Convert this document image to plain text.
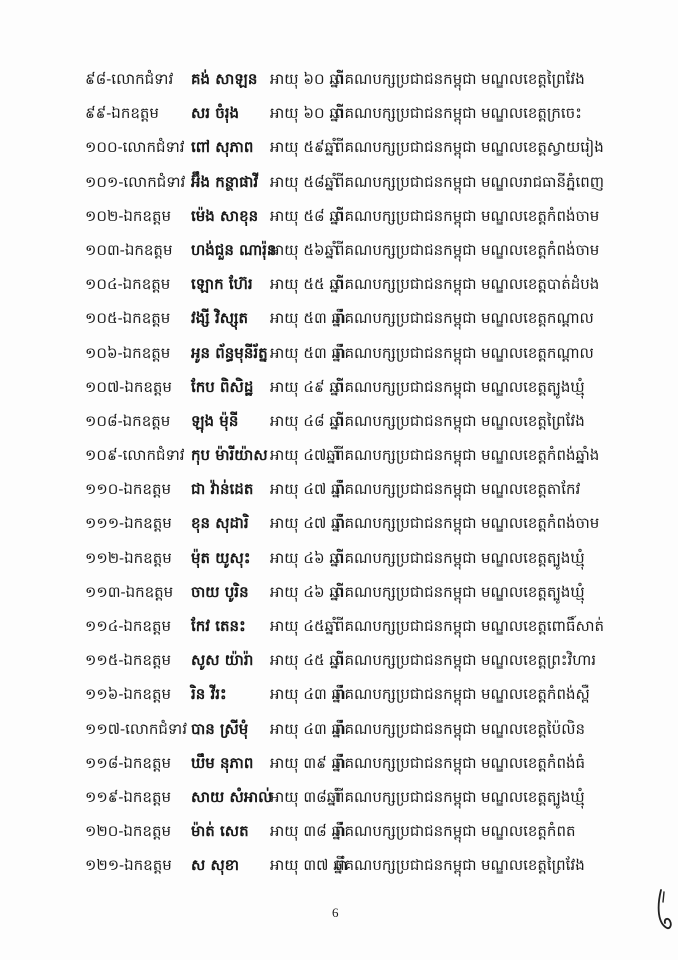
៩៨-លោកជំទាវ គង់ សាឡន អាយុ ៦០ ឆ្នាំ
ពីគណបក្សប្រជាជនកម្ពុជា មណ្ឌលខេត្តព្រៃវែង
៩៩-ឯកឧត្តម សរ ចំរុង អាយុ ៦០ ឆ្នាំ
ពីគណបក្សប្រជាជនកម្ពុជា មណ្ឌលខេត្តក្រចេះ
១០០-លោកជំទាវ ពៅ សុភាព អាយុ ៥៩ឆ្នាំ
ពីគណបក្សប្រជាជនកម្ពុជា មណ្ឌលខេត្តស្វាយរៀង
១០១-លោកជំទាវ អ៊ឹង កន្ថាផាវី អាយុ ៥៨ឆ្នាំ
ពីគណបក្សប្រជាជនកម្ពុជា មណ្ឌលរាជធានីភ្នំពេញ
១០២-ឯកឧត្តម ម៉េង សាខុន អាយុ ៥៨ ឆ្នាំ
ពីគណបក្សប្រជាជនកម្ពុជា មណ្ឌលខេត្តកំពង់ចាម
១០៣-ឯកឧត្តម ហង់ជួន ណារ៉ុន
អាយុ ៥៦ឆ្នាំ
ពីគណបក្សប្រជាជនកម្ពុជា មណ្ឌលខេត្តកំពង់ចាម
១០៤-ឯកឧត្តម ឡោក ហ៊ែរ អាយុ ៥៥ ឆ្នាំ
ពីគណបក្សប្រជាជនកម្ពុជា មណ្ឌលខេត្តបាត់ដំបង
១០៥-ឯកឧត្តម វង្សី វិស្សុត អាយុ ៥៣ ឆ្នាំ
ពីគណបក្សប្រជាជនកម្ពុជា មណ្ឌលខេត្តកណ្តាល
១០៦-ឯកឧត្តម អូន ព័ន្ធមុនីរ័ត្ន អាយុ ៥៣ ឆ្នាំ
ពីគណបក្សប្រជាជនកម្ពុជា មណ្ឌលខេត្តកណ្តាល
១០៧-ឯកឧត្តម កែប ពិសិដ្ឋ អាយុ ៤៩ ឆ្នាំ
ពីគណបក្សប្រជាជនកម្ពុជា មណ្ឌលខេត្តត្បូងឃ្មុំ
១០៨-ឯកឧត្តម ឡុង ម៉ុនី អាយុ ៤៨ ឆ្នាំ
ពីគណបក្សប្រជាជនកម្ពុជា មណ្ឌលខេត្តព្រៃវែង
១០៩-លោកជំទាវ កុប ម៉ារីយ៉ាស អាយុ ៤៧ឆ្នាំ
ពីគណបក្សប្រជាជនកម្ពុជា មណ្ឌលខេត្តកំពង់ឆ្នាំង
១១០-ឯកឧត្តម ជា វ៉ាន់ដេត អាយុ ៤៧ ឆ្នាំ
ពីគណបក្សប្រជាជនកម្ពុជា មណ្ឌលខេត្តតាកែវ
១១១-ឯកឧត្តម ខុន សុដារិ អាយុ ៤៧ ឆ្នាំ
ពីគណបក្សប្រជាជនកម្ពុជា មណ្ឌលខេត្តកំពង់ចាម
១១២-ឯកឧត្តម ម៉ុត យូសុះ អាយុ ៤៦ ឆ្នាំ
ពីគណបក្សប្រជាជនកម្ពុជា មណ្ឌលខេត្តត្បូងឃ្មុំ
១១៣-ឯកឧត្តម ចាយ បូរិន អាយុ ៤៦ ឆ្នាំ
ពីគណបក្សប្រជាជនកម្ពុជា មណ្ឌលខេត្តត្បូងឃ្មុំ
១១៤-ឯកឧត្តម កែវ តេនះ អាយុ ៤៥ឆ្នាំ
ពីគណបក្សប្រជាជនកម្ពុជា មណ្ឌលខេត្តពោធិ៍សាត់
១១៥-ឯកឧត្តម សូស យ៉ារ៉ា អាយុ ៤៥ ឆ្នាំ
ពីគណបក្សប្រជាជនកម្ពុជា មណ្ឌលខេត្តព្រះវិហារ
១១៦-ឯកឧត្តម រិន វីរះ	អាយុ ៤៣ ឆ្នាំ
ពីគណបក្សប្រជាជនកម្ពុជា មណ្ឌលខេត្តកំពង់ស្ពឺ
១១៧-លោកជំទាវ បាន ស្រីមុំ អាយុ ៤៣ ឆ្នាំ
ពីគណបក្សប្រជាជនកម្ពុជា មណ្ឌលខេត្តប៉ៃលិន
១១៨-ឯកឧត្តម ឃឹម នុភាព អាយុ ៣៩ ឆ្នាំ
ពីគណបក្សប្រជាជនកម្ពុជា មណ្ឌលខេត្តកំពង់ធំ
១១៩-ឯកឧត្តម សាយ សំអាល់
អាយុ ៣៨ឆ្នាំ
ពីគណបក្សប្រជាជនកម្ពុជា មណ្ឌលខេត្តត្បូងឃ្មុំ
១២០-ឯកឧត្តម ម៉ាត់ សេត អាយុ ៣៨ ឆ្នាំ
ពីគណបក្សប្រជាជនកម្ពុជា មណ្ឌលខេត្តកំពត
១២១-ឯកឧត្តម ស សុខា អាយុ ៣៧ ឆ្នាំ
ពីគណបក្សប្រជាជនកម្ពុជា មណ្ឌលខេត្តព្រៃវែង
6
